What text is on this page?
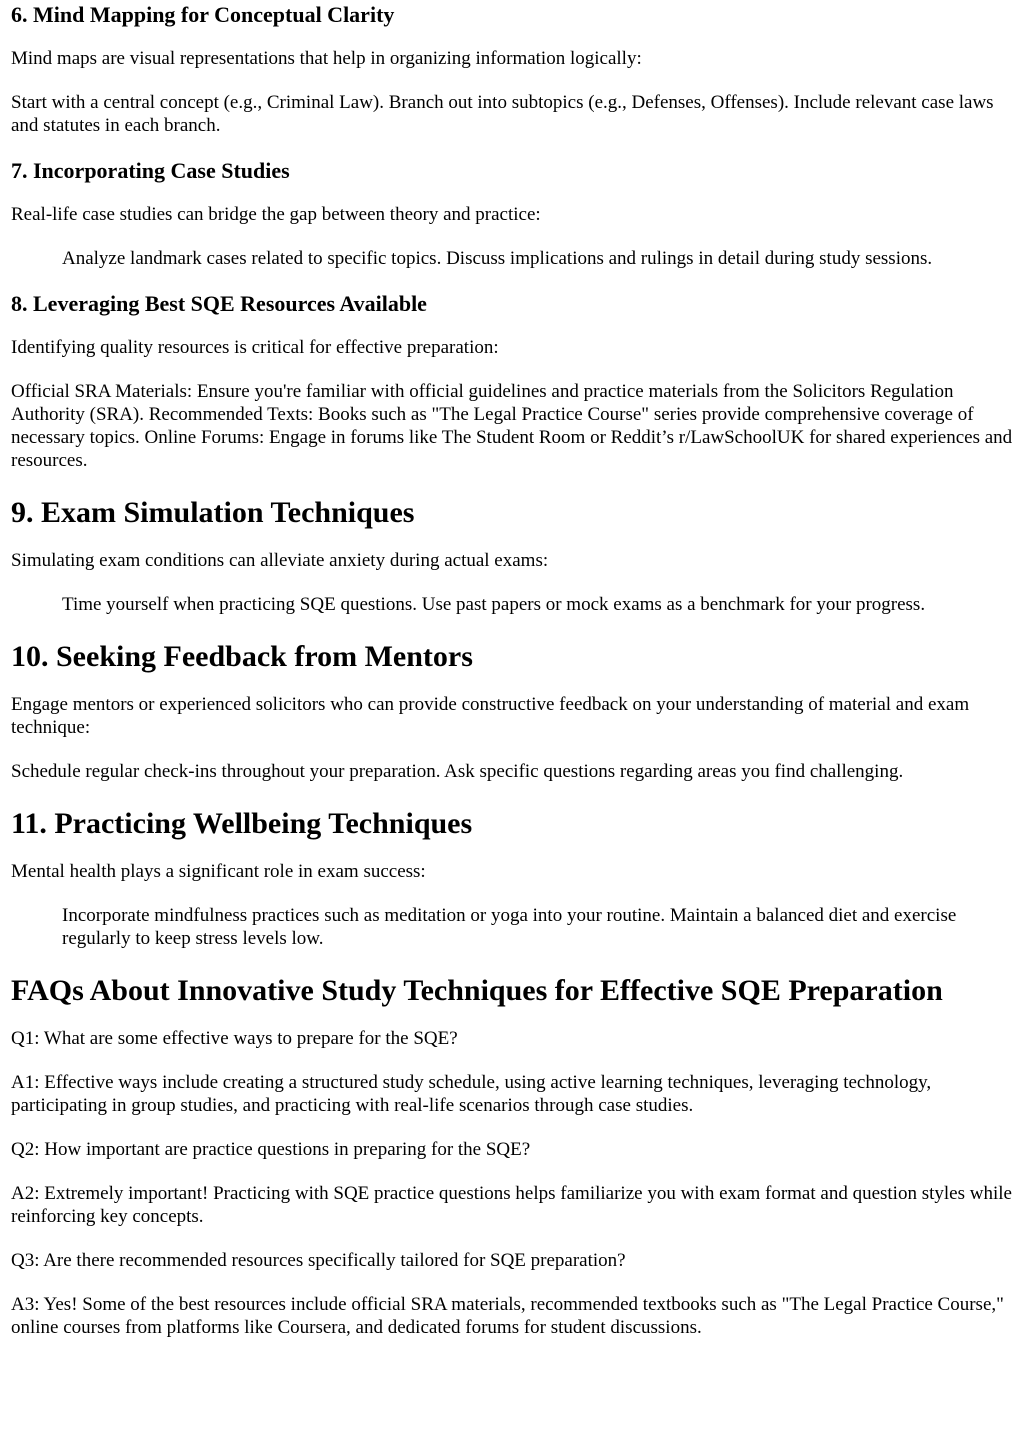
6. Mind Mapping for Conceptual Clarity

Mind maps are visual representations that help in organizing information logically:

Start with a central concept (e.g., Criminal Law). Branch out into subtopics (e.g., Defenses, Offenses). Include relevant case laws and statutes in each branch.

7. Incorporating Case Studies

Real-life case studies can bridge the gap between theory and practice:

Analyze landmark cases related to specific topics. Discuss implications and rulings in detail during study sessions.
8. Leveraging Best SQE Resources Available

Identifying quality resources is critical for effective preparation:

Official SRA Materials: Ensure you're familiar with official guidelines and practice materials from the Solicitors Regulation Authority (SRA). Recommended Texts: Books such as "The Legal Practice Course" series provide comprehensive coverage of necessary topics. Online Forums: Engage in forums like The Student Room or Reddit’s r/LawSchoolUK for shared experiences and resources.

9. Exam Simulation Techniques

Simulating exam conditions can alleviate anxiety during actual exams:

Time yourself when practicing SQE questions. Use past papers or mock exams as a benchmark for your progress.
10. Seeking Feedback from Mentors

Engage mentors or experienced solicitors who can provide constructive feedback on your understanding of material and exam technique:

Schedule regular check-ins throughout your preparation. Ask specific questions regarding areas you find challenging.

11. Practicing Wellbeing Techniques

Mental health plays a significant role in exam success:

Incorporate mindfulness practices such as meditation or yoga into your routine. Maintain a balanced diet and exercise regularly to keep stress levels low.
FAQs About Innovative Study Techniques for Effective SQE Preparation

Q1: What are some effective ways to prepare for the SQE?

A1: Effective ways include creating a structured study schedule, using active learning techniques, leveraging technology, participating in group studies, and practicing with real-life scenarios through case studies.

Q2: How important are practice questions in preparing for the SQE?

A2: Extremely important! Practicing with SQE practice questions helps familiarize you with exam format and question styles while reinforcing key concepts.

Q3: Are there recommended resources specifically tailored for SQE preparation?

A3: Yes! Some of the best resources include official SRA materials, recommended textbooks such as "The Legal Practice Course," online courses from platforms like Coursera, and dedicated forums for student discussions.
